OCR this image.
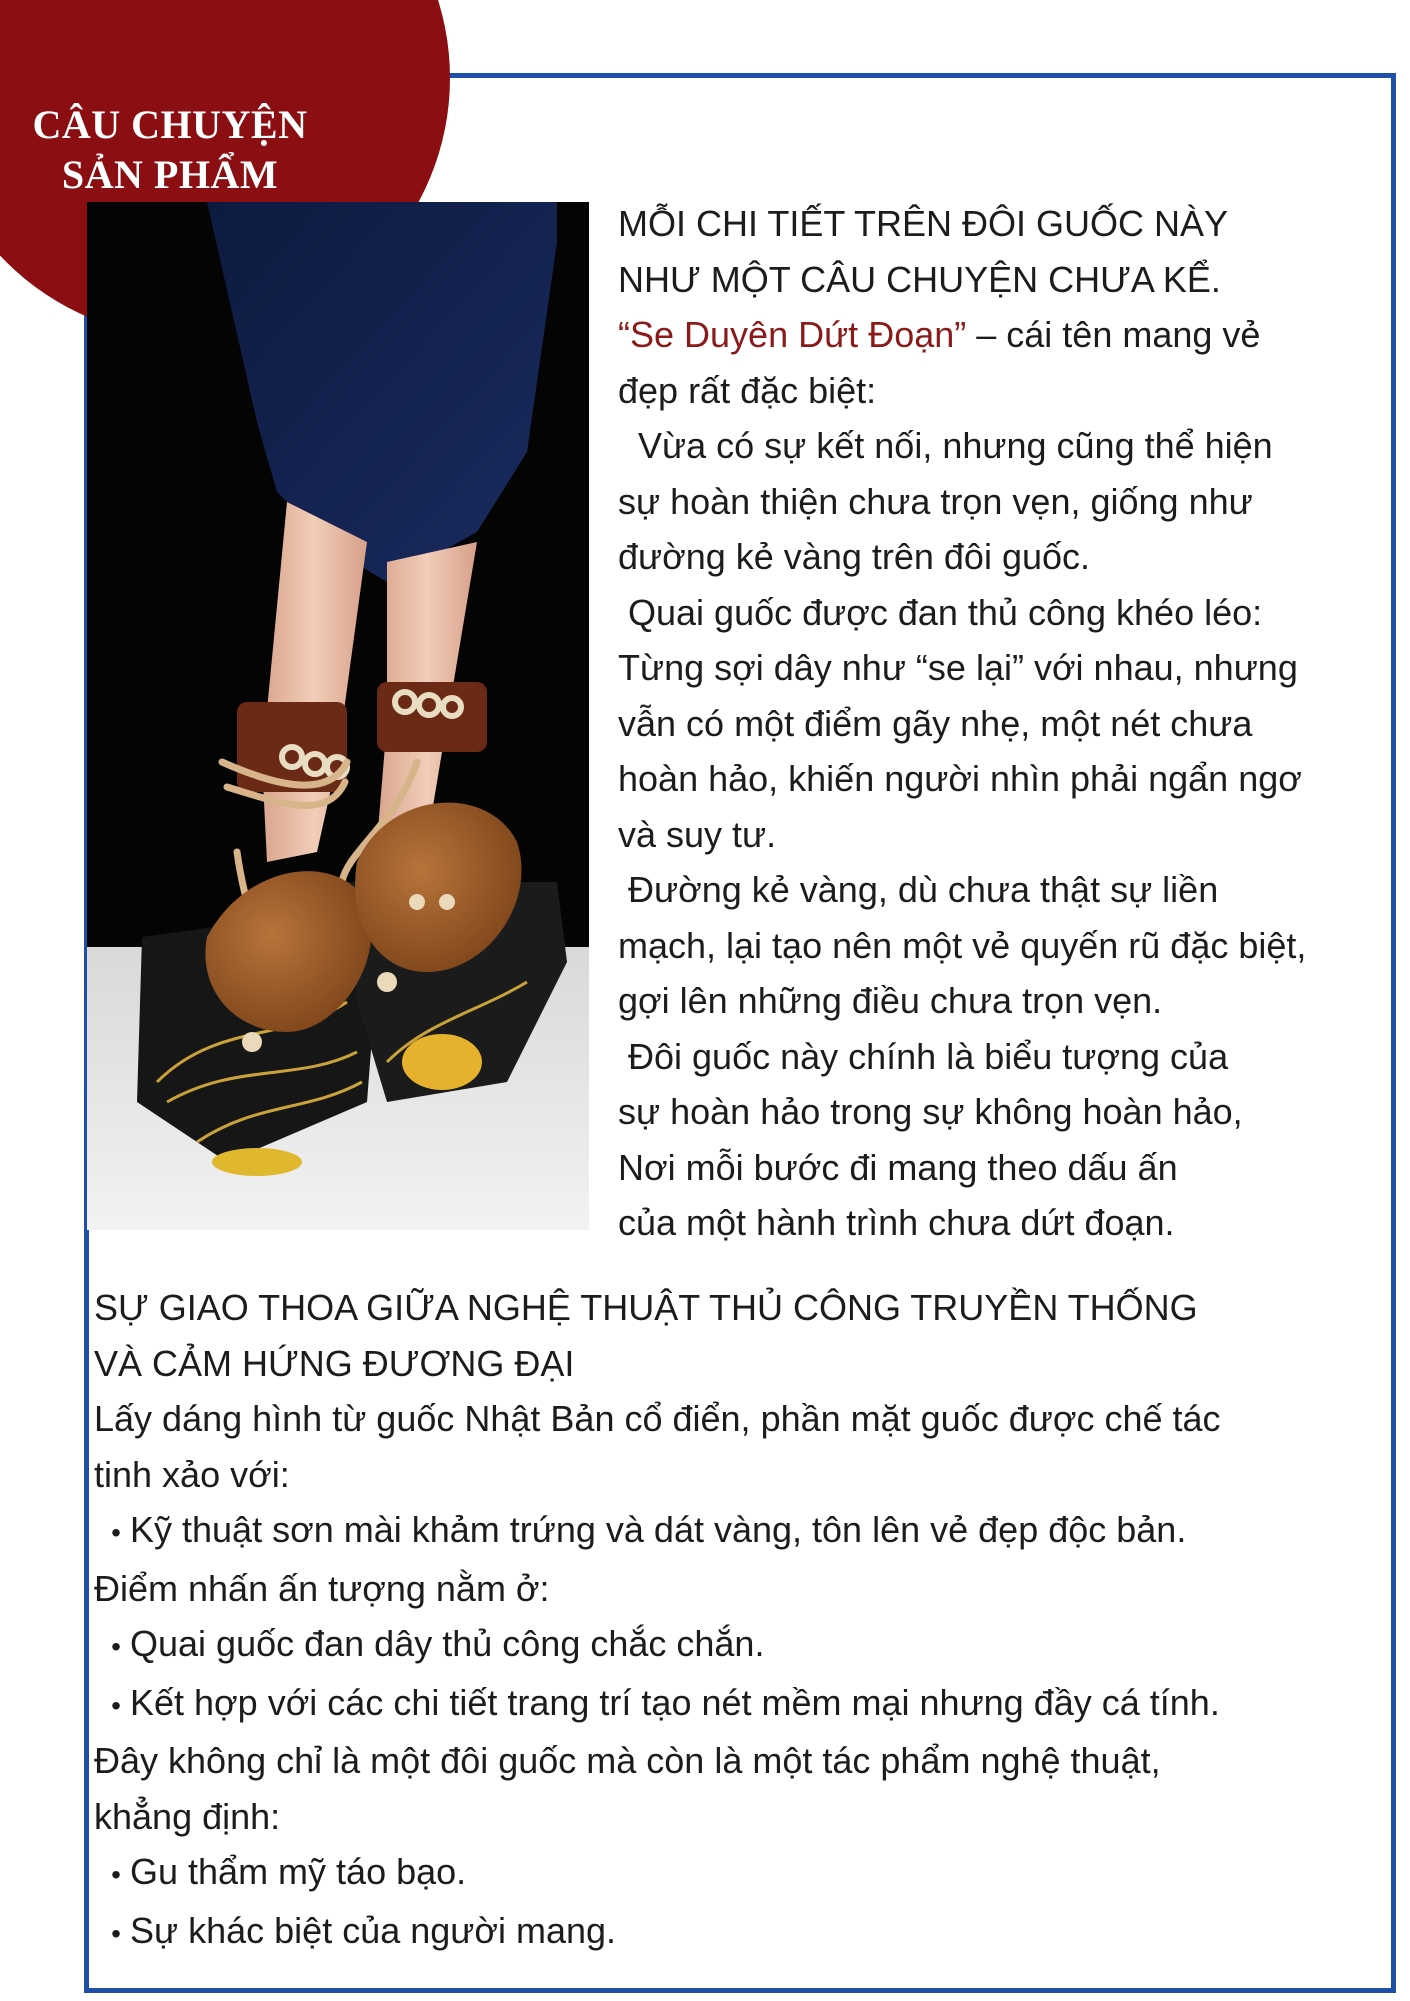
CÂU CHUYỆN
SẢN PHẨM

MỖI CHI TIẾT TRÊN ĐÔI GUỐC NÀY

NHƯ MỘT CÂU CHUYỆN CHƯA KỂ.

“Se Duyên Dứt Đoạn” – cái tên mang vẻ

đẹp rất đặc biệt:

Vừa có sự kết nối, nhưng cũng thể hiện

sự hoàn thiện chưa trọn vẹn, giống như

đường kẻ vàng trên đôi guốc.

Quai guốc được đan thủ công khéo léo:

Từng sợi dây như “se lại” với nhau, nhưng

vẫn có một điểm gãy nhẹ, một nét chưa

hoàn hảo, khiến người nhìn phải ngẩn ngơ

và suy tư.

Đường kẻ vàng, dù chưa thật sự liền

mạch, lại tạo nên một vẻ quyến rũ đặc biệt,

gợi lên những điều chưa trọn vẹn.

Đôi guốc này chính là biểu tượng của

sự hoàn hảo trong sự không hoàn hảo,

Nơi mỗi bước đi mang theo dấu ấn

của một hành trình chưa dứt đoạn.

SỰ GIAO THOA GIỮA NGHỆ THUẬT THỦ CÔNG TRUYỀN THỐNG

VÀ CẢM HỨNG ĐƯƠNG ĐẠI

Lấy dáng hình từ guốc Nhật Bản cổ điển, phần mặt guốc được chế tác

tinh xảo với:

• Kỹ thuật sơn mài khảm trứng và dát vàng, tôn lên vẻ đẹp độc bản.

Điểm nhấn ấn tượng nằm ở:

• Quai guốc đan dây thủ công chắc chắn.

• Kết hợp với các chi tiết trang trí tạo nét mềm mại nhưng đầy cá tính.

Đây không chỉ là một đôi guốc mà còn là một tác phẩm nghệ thuật,

khẳng định:

• Gu thẩm mỹ táo bạo.

• Sự khác biệt của người mang.
